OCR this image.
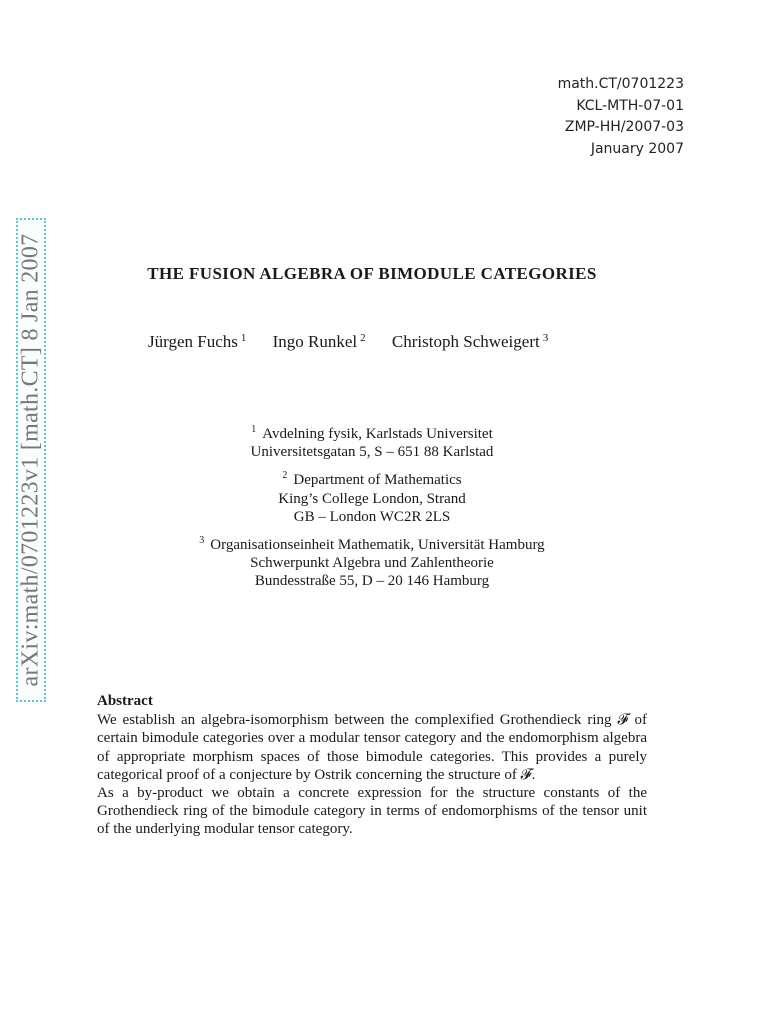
arXiv:math/0701223v1 [math.CT] 8 Jan 2007
math.CT/0701223
KCL-MTH-07-01
ZMP-HH/2007-03
January 2007
THE FUSION ALGEBRA OF BIMODULE CATEGORIES
Jürgen Fuchs $^1$ Ingo Runkel $^2$ Christoph Schweigert $^3$
$^1$ Avdelning fysik, Karlstads Universitet
Universitetsgatan 5, S – 651 88 Karlstad
$^2$ Department of Mathematics
King’s College London, Strand
GB – London WC2R 2LS
$^3$ Organisationseinheit Mathematik, Universität Hamburg
Schwerpunkt Algebra und Zahlentheorie
Bundesstraße 55, D – 20 146 Hamburg
Abstract

We establish an algebra-isomorphism between the complexified Grothendieck ring 𝓕 of certain bimodule categories over a modular tensor category and the endomorphism algebra of appropriate morphism spaces of those bimodule categories. This provides a purely categorical proof of a conjecture by Ostrik concerning the structure of 𝓕.

As a by-product we obtain a concrete expression for the structure constants of the Grothendieck ring of the bimodule category in terms of endomorphisms of the tensor unit of the underlying modular tensor category.
